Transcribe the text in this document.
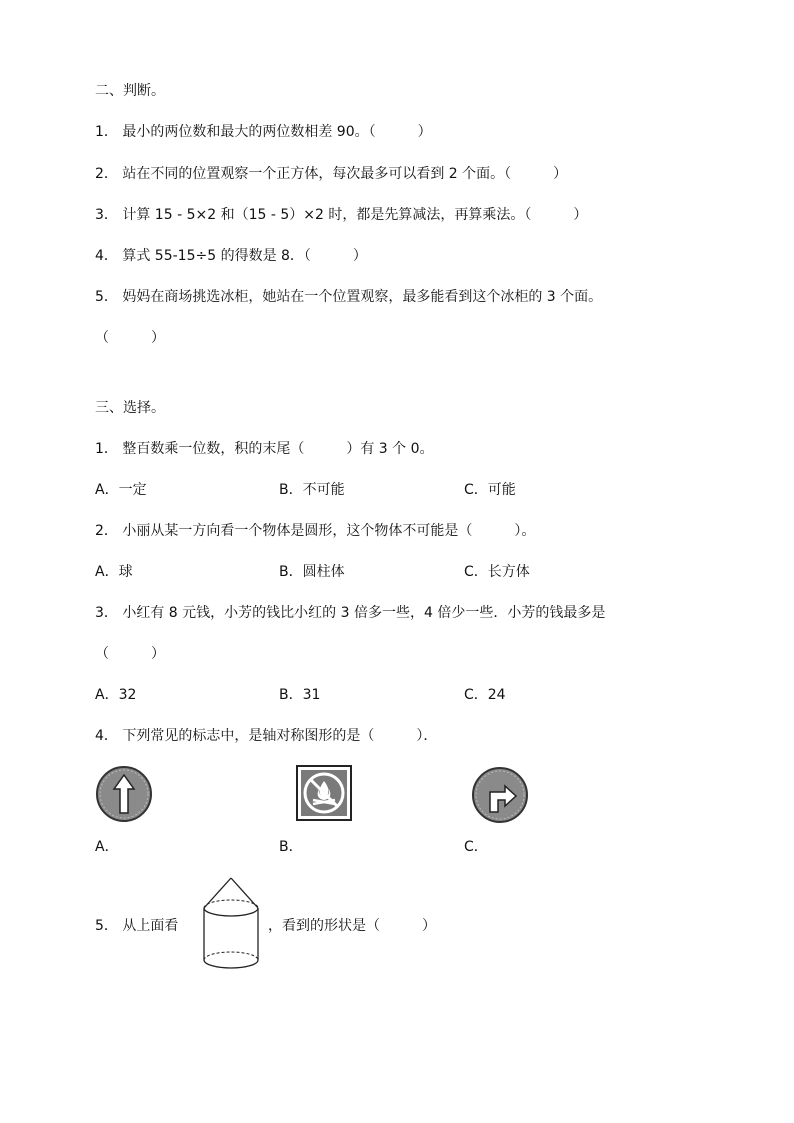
二、判断。
1． 最小的两位数和最大的两位数相差 90。（　　　）
2． 站在不同的位置观察一个正方体，每次最多可以看到 2 个面。（　　　）
3． 计算 15 - 5×2 和（15 - 5）×2 时，都是先算减法，再算乘法。（　　　）
4． 算式 55-15÷5 的得数是 8．（　　　）
5． 妈妈在商场挑选冰柜，她站在一个位置观察，最多能看到这个冰柜的 3 个面。
（　　　）
三、选择。
1． 整百数乘一位数，积的末尾（　　　）有 3 个 0。
A．一定	B．不可能	C．可能
2． 小丽从某一方向看一个物体是圆形，这个物体不可能是（　　　）。
A．球	B．圆柱体	C．长方体
3． 小红有 8 元钱，小芳的钱比小红的 3 倍多一些，4 倍少一些．小芳的钱最多是
（　　　）
A．32	B．31	C．24
4． 下列常见的标志中，是轴对称图形的是（　　　）．
A．	B．	C．
5． 从上面看	，看到的形状是（　　　）
